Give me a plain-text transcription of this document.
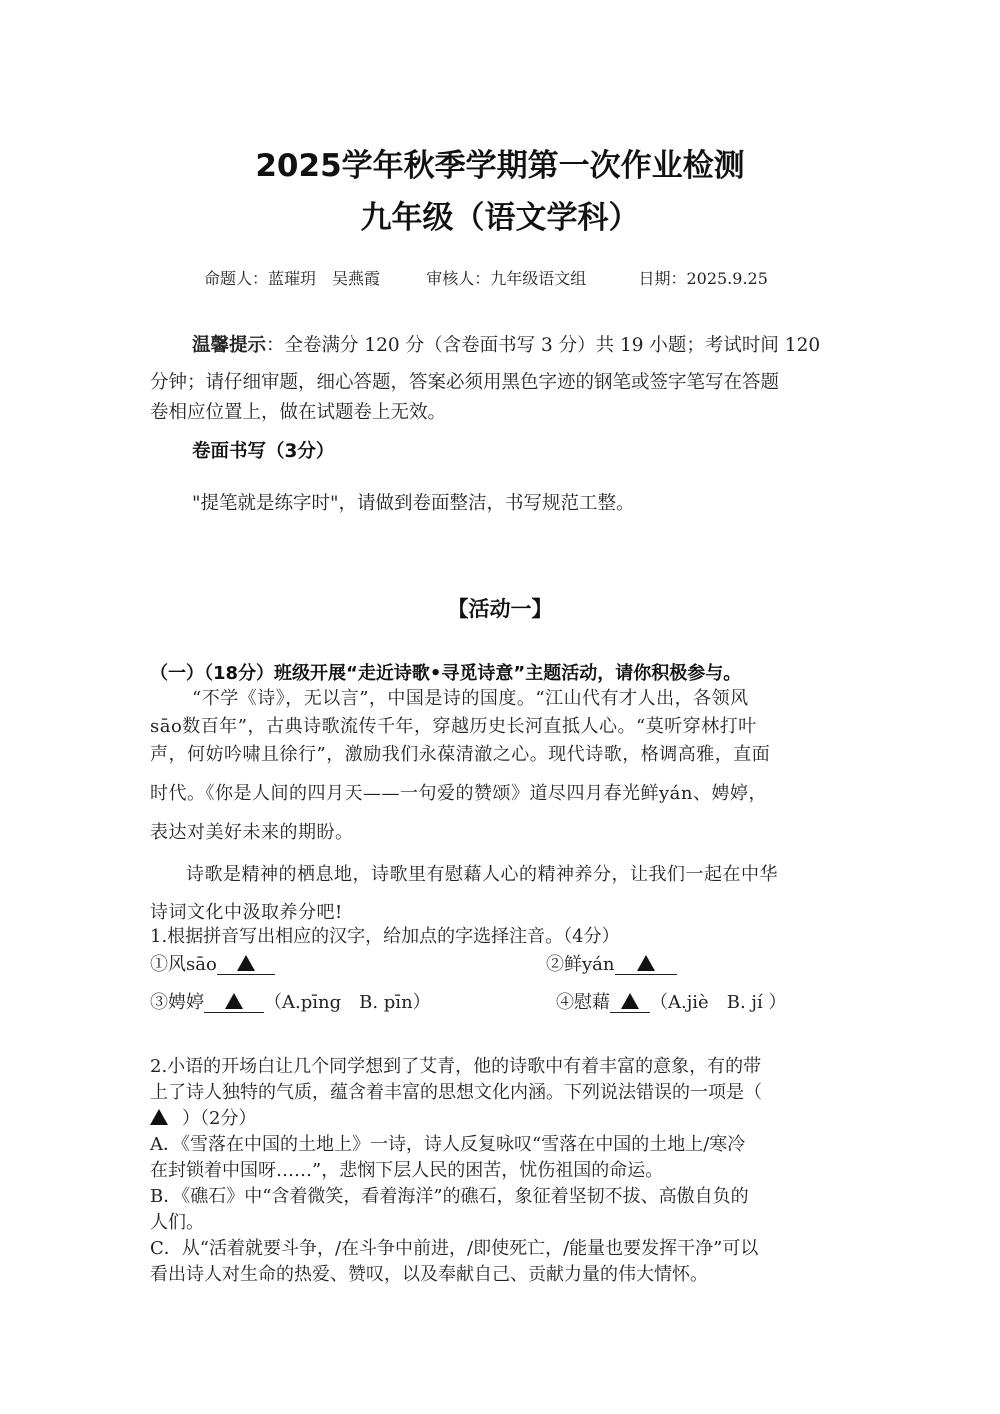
2025学年秋季学期第一次作业检测
九年级（语文学科）
命题人：蓝璀玥　吴燕霞	审核人：九年级语文组	日期：2025.9.25
温馨提示：全卷满分 120 分（含卷面书写 3 分）共 19 小题；考试时间 120
分钟；请仔细审题，细心答题，答案必须用黑色字迹的钢笔或签字笔写在答题
卷相应位置上，做在试题卷上无效。
卷面书写（3分）
"提笔就是练字时"，请做到卷面整洁，书写规范工整。
【活动一】
（一）（18分）班级开展“走近诗歌•寻觅诗意”主题活动，请你积极参与。
“不学《诗》，无以言”，中国是诗的国度。“江山代有才人出，各领风
sāo数百年”，古典诗歌流传千年，穿越历史长河直抵人心。“莫听穿林打叶
声，何妨吟啸且徐行”，激励我们永葆清澈之心。现代诗歌，格调高雅，直面
时代。《你是人间的四月天——一句爱的赞颂》道尽四月春光鲜yán、娉婷，
表达对美好未来的期盼。
诗歌是精神的栖息地，诗歌里有慰藉人心的精神养分，让我们一起在中华
诗词文化中汲取养分吧!
1.根据拼音写出相应的汉字，给加点的字选择注音。（4分）
①风sāo	②鲜yán
③娉婷	（A.pīng　B. pīn）	④慰藉 （A.jiè　B. jí ）
2.小语的开场白让几个同学想到了艾青，他的诗歌中有着丰富的意象，有的带
上了诗人独特的气质，蕴含着丰富的思想文化内涵。下列说法错误的一项是（
）（2分）
A．《雪落在中国的土地上》一诗，诗人反复咏叹“雪落在中国的土地上/寒冷
在封锁着中国呀……”，悲悯下层人民的困苦，忧伤祖国的命运。
B．《礁石》中“含着微笑，看着海洋”的礁石，象征着坚韧不拔、高傲自负的
人们。
C．从“活着就要斗争，/在斗争中前进，/即使死亡，/能量也要发挥干净”可以
看出诗人对生命的热爱、赞叹，以及奉献自己、贡献力量的伟大情怀。
